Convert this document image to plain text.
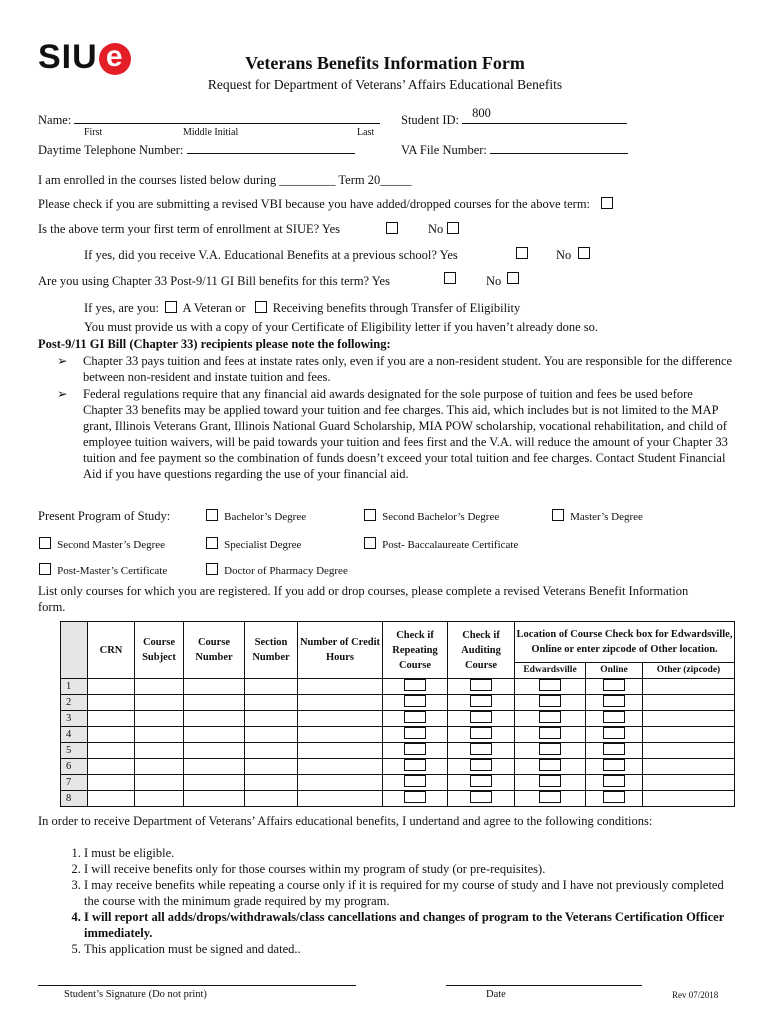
SIU e	Veterans Benefits Information Form
Request for Department of Veterans’ Affairs Educational Benefits
Name:
First	Middle Initial	Last
Student ID: 800
Daytime Telephone Number:	VA File Number:
I am enrolled in the courses listed below during _________ Term 20_____
Please check if you are submitting a revised VBI because you have added/dropped courses for the above term:
Is the above term your first term of enrollment at SIUE? Yes	No
If yes, did you receive V.A. Educational Benefits at a previous school? Yes	No
Are you using Chapter 33 Post-9/11 GI Bill benefits for this term? Yes	No
If yes, are you: A Veteran or Receiving benefits through Transfer of Eligibility
You must provide us with a copy of your Certificate of Eligibility letter if you haven’t already done so.
Post-9/11 GI Bill (Chapter 33) recipients please note the following:
➢ Chapter 33 pays tuition and fees at instate rates only, even if you are a non-resident student. You are responsible for the difference between non-resident and instate tuition and fees.
➢ Federal regulations require that any financial aid awards designated for the sole purpose of tuition and fees be used before Chapter 33 benefits may be applied toward your tuition and fee charges. This aid, which includes but is not limited to the MAP grant, Illinois Veterans Grant, Illinois National Guard Scholarship, MIA POW scholarship, vocational rehabilitation, and child of employee tuition waivers, will be paid towards your tuition and fees first and the V.A. will reduce the amount of your Chapter 33 tuition and fee payment so the combination of funds doesn’t exceed your total tuition and fee charges. Contact Student Financial Aid if you have questions regarding the use of your financial aid.
Present Program of Study:	Bachelor’s Degree	Second Bachelor’s Degree	Master’s Degree
Second Master’s Degree	Specialist Degree	Post- Baccalaureate Certificate
Post-Master’s Certificate	Doctor of Pharmacy Degree
List only courses for which you are registered. If you add or drop courses, please complete a revised Veterans Benefit Information form.
	CRN	Course Subject	Course Number	Section Number	Number of Credit Hours	Check if Repeating Course	Check if Auditing Course	Location of Course Check box for Edwardsville, Online or enter zipcode of Other location.		
								Edwardsville	Online	Other (zipcode)
1										
2										
3										
4										
5										
6										
7										
8										
In order to receive Department of Veterans’ Affairs educational benefits, I undertand and agree to the following conditions:
1. I must be eligible.
2. I will receive benefits only for those courses within my program of study (or pre-requisites).
3. I may receive benefits while repeating a course only if it is required for my course of study and I have not previously completed the course with the minimum grade required by my program.
4. I will report all adds/drops/withdrawals/class cancellations and changes of program to the Veterans Certification Officer immediately.
5. This application must be signed and dated..
Student’s Signature (Do not print)	Date	Rev 07/2018
